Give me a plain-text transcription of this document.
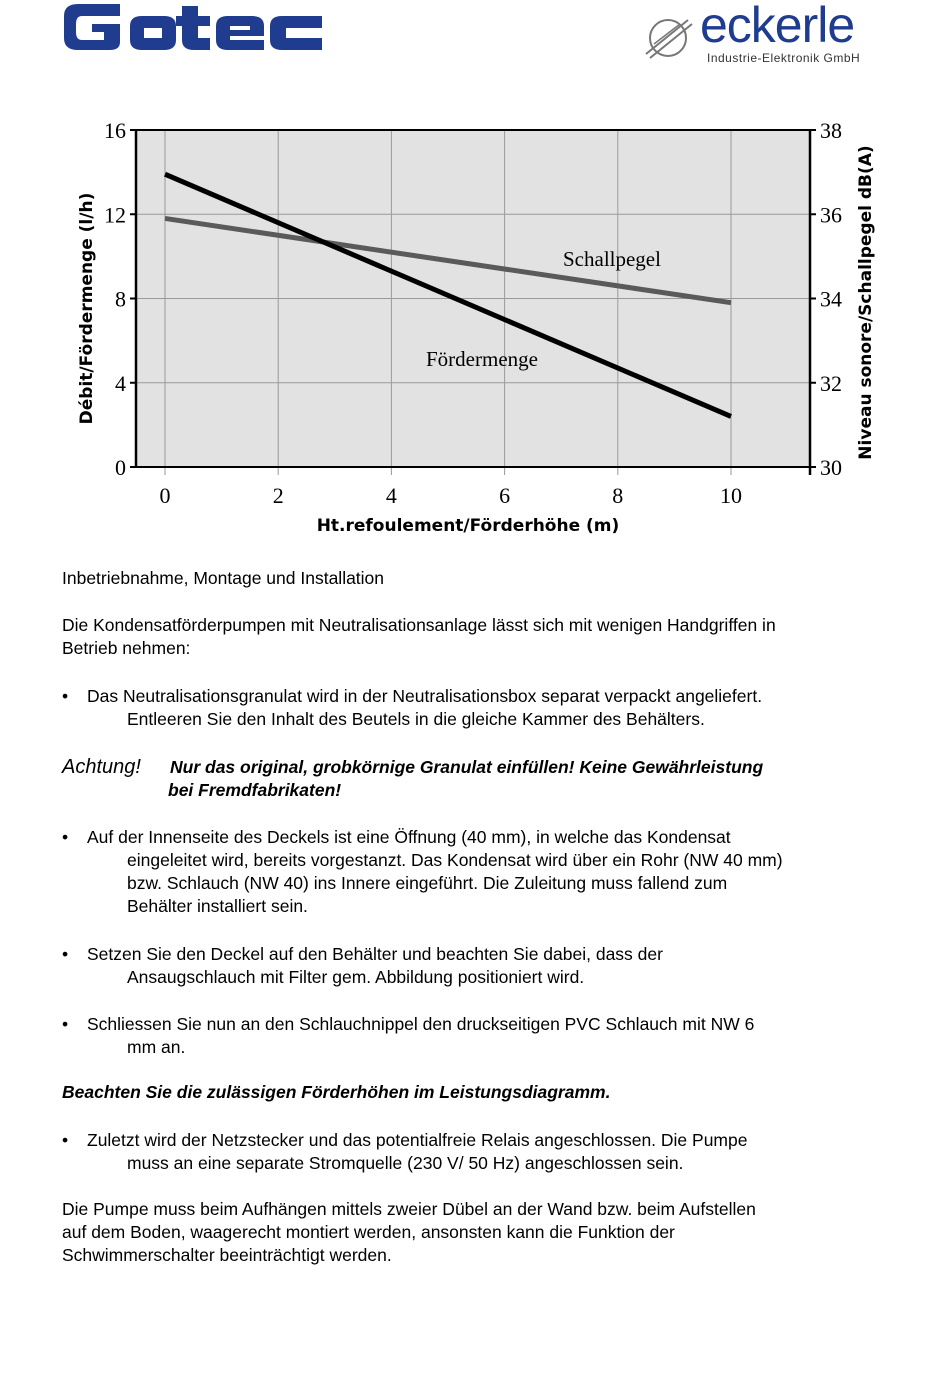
eckerle
Industrie-Elektronik GmbH
0
4
8
12
16
30
32
34
36
38
0	2	4	6	8	10
Schallpegel
Fördermenge
Ht.refoulement/Förderhöhe (m)
Débit/Fördermenge (l/h)	Niveau sonore/Schallpegel dB(A)
Inbetriebnahme, Montage und Installation
Die Kondensatförderpumpen mit Neutralisationsanlage lässt sich mit wenigen Handgriffen in
Betrieb nehmen:
• Das Neutralisationsgranulat wird in der Neutralisationsbox separat verpackt angeliefert.
Entleeren Sie den Inhalt des Beutels in die gleiche Kammer des Behälters.
Achtung! Nur das original, grobkörnige Granulat einfüllen! Keine Gewährleistung
bei Fremdfabrikaten!
• Auf der Innenseite des Deckels ist eine Öffnung (40 mm), in welche das Kondensat
eingeleitet wird, bereits vorgestanzt. Das Kondensat wird über ein Rohr (NW 40 mm)
bzw. Schlauch (NW 40) ins Innere eingeführt. Die Zuleitung muss fallend zum
Behälter installiert sein.
• Setzen Sie den Deckel auf den Behälter und beachten Sie dabei, dass der
Ansaugschlauch mit Filter gem. Abbildung positioniert wird.
• Schliessen Sie nun an den Schlauchnippel den druckseitigen PVC Schlauch mit NW 6
mm an.
Beachten Sie die zulässigen Förderhöhen im Leistungsdiagramm.
• Zuletzt wird der Netzstecker und das potentialfreie Relais angeschlossen. Die Pumpe
muss an eine separate Stromquelle (230 V/ 50 Hz) angeschlossen sein.
Die Pumpe muss beim Aufhängen mittels zweier Dübel an der Wand bzw. beim Aufstellen
auf dem Boden, waagerecht montiert werden, ansonsten kann die Funktion der
Schwimmerschalter beeinträchtigt werden.
